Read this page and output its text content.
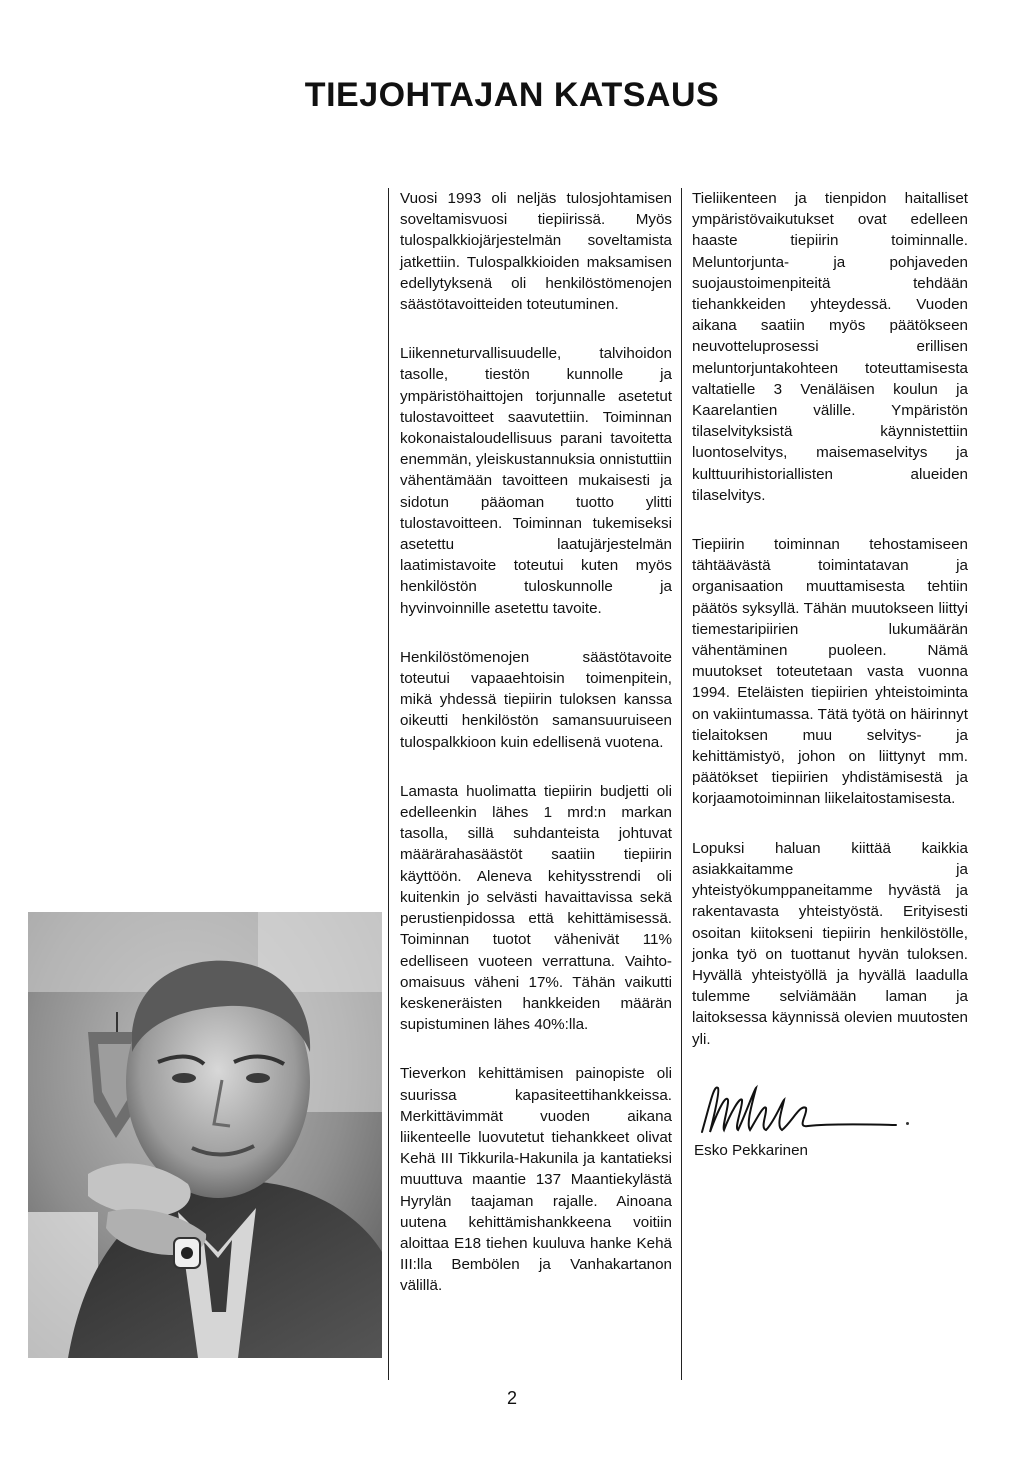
TIEJOHTAJAN KATSAUS

Vuosi 1993 oli neljäs tulosjohtamisen soveltamisvuosi tiepiirissä. Myös tulospalkkiojärjestelmän soveltamista jatkettiin. Tulospalkkioiden maksamisen edellytyksenä oli henkilöstömenojen säästötavoitteiden toteutuminen.

Liikenneturvallisuudelle, talvihoidon tasolle, tiestön kunnolle ja ympäristöhaittojen torjunnalle asetetut tulostavoitteet saavutettiin. Toiminnan kokonaistaloudellisuus parani tavoitetta enemmän, yleiskustannuksia onnistuttiin vähentämään tavoitteen mukaisesti ja sidotun pääoman tuotto ylitti tulostavoitteen. Toiminnan tukemiseksi asetettu laatujärjestelmän laatimistavoite toteutui kuten myös henkilöstön tuloskunnolle ja hyvinvoinnille asetettu tavoite.

Henkilöstömenojen säästötavoite toteutui vapaaehtoisin toimenpitein, mikä yhdessä tiepiirin tuloksen kanssa oikeutti henkilöstön samansuuruiseen tulospalkkioon kuin edellisenä vuotena.

Lamasta huolimatta tiepiirin budjetti oli edelleenkin lähes 1 mrd:n markan tasolla, sillä suhdanteista johtuvat määrärahasäästöt saatiin tiepiirin käyttöön. Aleneva kehitysstrendi oli kuitenkin jo selvästi havaittavissa sekä perustienpidossa että kehittämisessä. Toiminnan tuotot vähenivät 11% edelliseen vuoteen verrattuna. Vaihto-omaisuus väheni 17%. Tähän vaikutti keskeneräisten hankkeiden määrän supistuminen lähes 40%:lla.

Tieverkon kehittämisen painopiste oli suurissa kapasiteettihankkeissa. Merkittävimmät vuoden aikana liikenteelle luovutetut tiehankkeet olivat Kehä III Tikkurila-Hakunila ja kantatieksi muuttuva maantie 137 Maantiekylästä Hyrylän taajaman rajalle. Ainoana uutena kehittämishankkeena voitiin aloittaa E18 tiehen kuuluva hanke Kehä III:lla Bembölen ja Vanhakartanon välillä.

Tieliikenteen ja tienpidon haitalliset ympäristövaikutukset ovat edelleen haaste tiepiirin toiminnalle. Meluntorjunta- ja pohjaveden suojaustoimenpiteitä tehdään tiehankkeiden yhteydessä. Vuoden aikana saatiin myös päätökseen neuvotteluprosessi erillisen meluntorjuntakohteen toteuttamisesta valtatielle 3 Venäläisen koulun ja Kaarelantien välille. Ympäristön tilaselvityksistä käynnistettiin luontoselvitys, maisemaselvitys ja kulttuurihistoriallisten alueiden tilaselvitys.

Tiepiirin toiminnan tehostamiseen tähtäävästä toimintatavan ja organisaation muuttamisesta tehtiin päätös syksyllä. Tähän muutokseen liittyi tiemestaripiirien lukumäärän vähentäminen puoleen. Nämä muutokset toteutetaan vasta vuonna 1994. Eteläisten tiepiirien yhteistoiminta on vakiintumassa. Tätä työtä on häirinnyt tielaitoksen muu selvitys- ja kehittämistyö, johon on liittynyt mm. päätökset tiepiirien yhdistämisestä ja korjaamotoiminnan liikelaitostamisesta.

Lopuksi haluan kiittää kaikkia asiakkaitamme ja yhteistyökumppaneitamme hyvästä ja rakentavasta yhteistyöstä. Erityisesti osoitan kiitokseni tiepiirin henkilöstölle, jonka työ on tuottanut hyvän tuloksen. Hyvällä yhteistyöllä ja hyvällä laadulla tulemme selviämään laman ja laitoksessa käynnissä olevien muutosten yli.

Esko Pekkarinen
2
